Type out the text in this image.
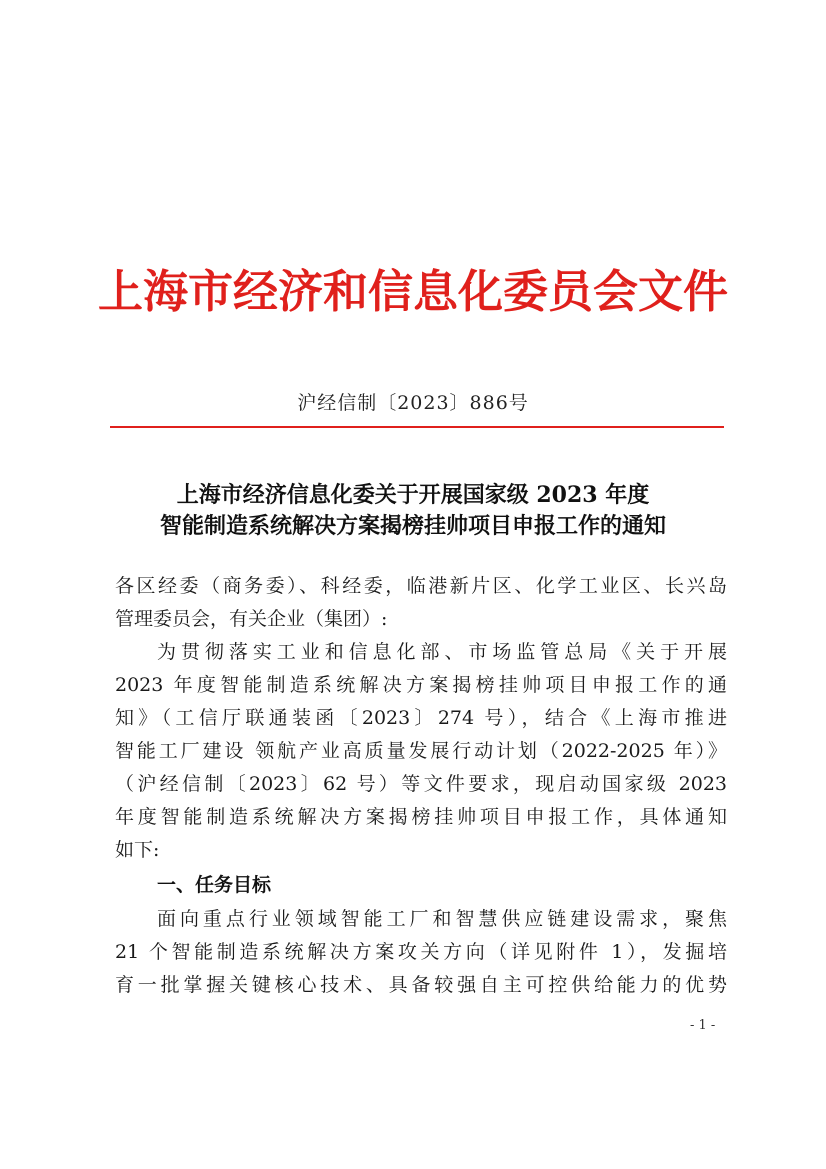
上海市经济和信息化委员会文件
沪经信制〔2023〕886号
上海市经济信息化委关于开展国家级 2023 年度
智能制造系统解决方案揭榜挂帅项目申报工作的通知
各区经委（商务委）、科经委，临港新片区、化学工业区、长兴岛
管理委员会，有关企业（集团）:
为贯彻落实工业和信息化部、市场监管总局《关于开展
2023 年度智能制造系统解决方案揭榜挂帅项目申报工作的通
知》（工信厅联通装函〔2023〕274 号），结合《上海市推进
智能工厂建设 领航产业高质量发展行动计划（2022-2025 年）》
（沪经信制〔2023〕62 号）等文件要求，现启动国家级 2023
年度智能制造系统解决方案揭榜挂帅项目申报工作，具体通知
如下:
一、任务目标
面向重点行业领域智能工厂和智慧供应链建设需求，聚焦
21 个智能制造系统解决方案攻关方向（详见附件 1），发掘培
育一批掌握关键核心技术、具备较强自主可控供给能力的优势
- 1 -
